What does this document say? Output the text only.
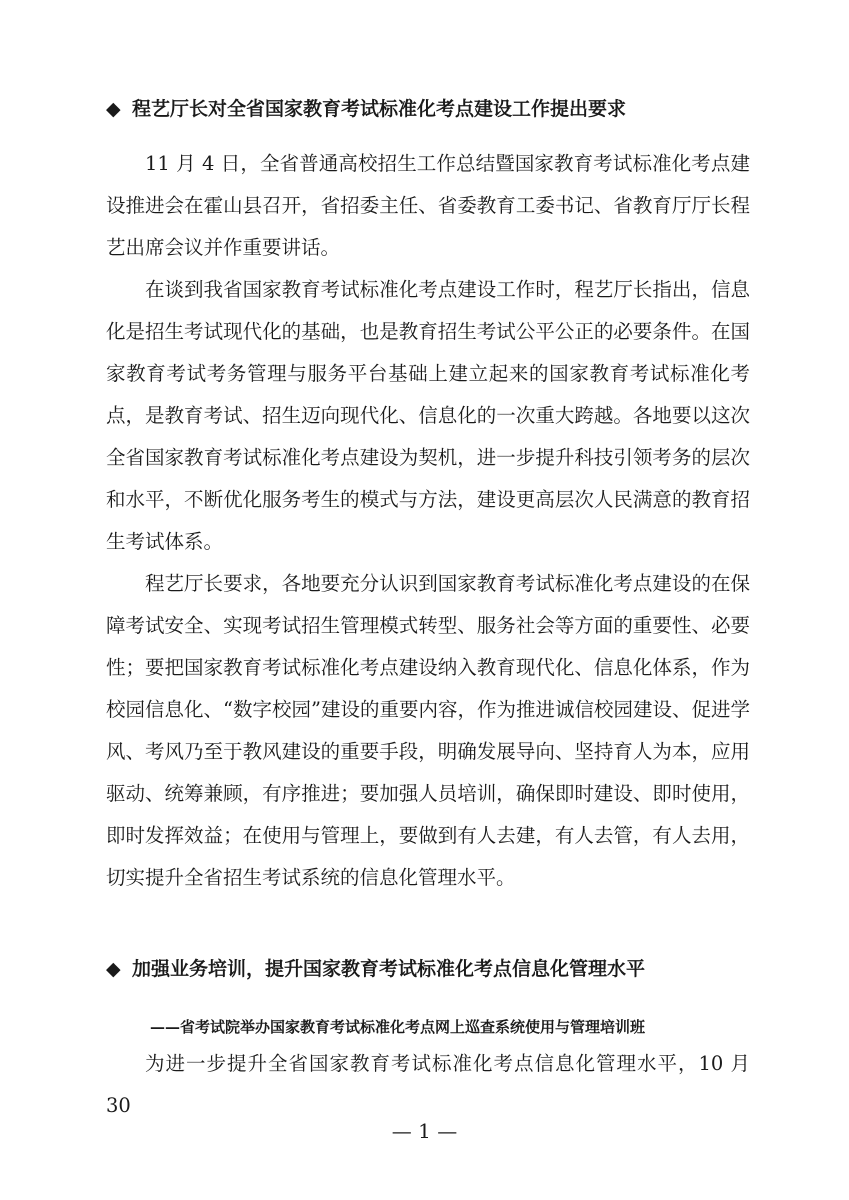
◆ 程艺厅长对全省国家教育考试标准化考点建设工作提出要求

11 月 4 日，全省普通高校招生工作总结暨国家教育考试标准化考点建设推进会在霍山县召开，省招委主任、省委教育工委书记、省教育厅厅长程艺出席会议并作重要讲话。

在谈到我省国家教育考试标准化考点建设工作时，程艺厅长指出，信息化是招生考试现代化的基础，也是教育招生考试公平公正的必要条件。在国家教育考试考务管理与服务平台基础上建立起来的国家教育考试标准化考点，是教育考试、招生迈向现代化、信息化的一次重大跨越。各地要以这次全省国家教育考试标准化考点建设为契机，进一步提升科技引领考务的层次和水平，不断优化服务考生的模式与方法，建设更高层次人民满意的教育招生考试体系。

程艺厅长要求，各地要充分认识到国家教育考试标准化考点建设的在保障考试安全、实现考试招生管理模式转型、服务社会等方面的重要性、必要性；要把国家教育考试标准化考点建设纳入教育现代化、信息化体系，作为校园信息化、“数字校园”建设的重要内容，作为推进诚信校园建设、促进学风、考风乃至于教风建设的重要手段，明确发展导向、坚持育人为本，应用驱动、统筹兼顾，有序推进；要加强人员培训，确保即时建设、即时使用，即时发挥效益；在使用与管理上，要做到有人去建，有人去管，有人去用，切实提升全省招生考试系统的信息化管理水平。

◆ 加强业务培训，提升国家教育考试标准化考点信息化管理水平
——省考试院举办国家教育考试标准化考点网上巡查系统使用与管理培训班

为进一步提升全省国家教育考试标准化考点信息化管理水平，10 月 30

— 1 —
